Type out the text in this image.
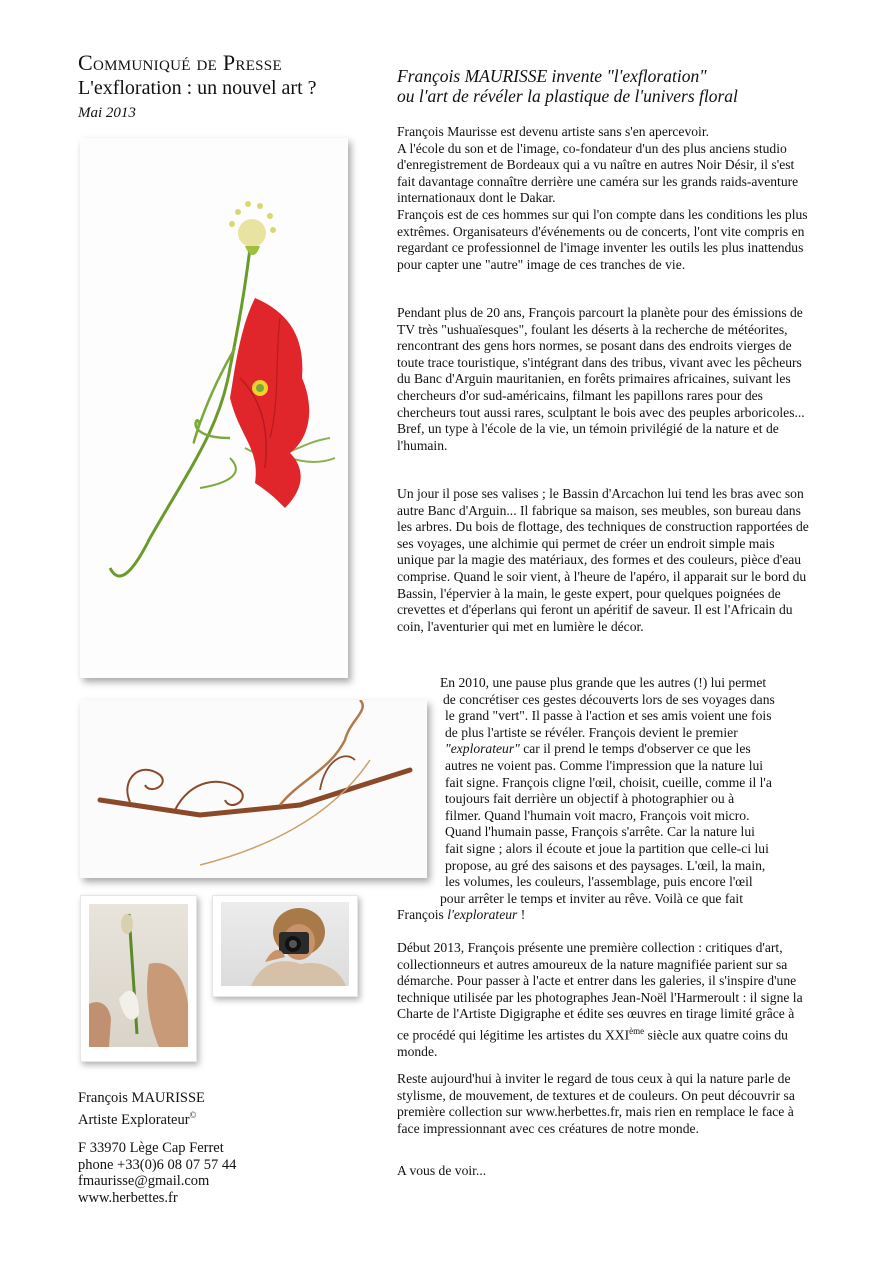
Communiqué de Presse
L'exfloration : un nouvel art ?
Mai 2013
François MAURISSE invente "l'exfloration"
ou l'art de révéler la plastique de l'univers floral

François Maurisse est devenu artiste sans s'en apercevoir.

A l'école du son et de l'image, co-fondateur d'un des plus anciens studio d'enregistrement de Bordeaux qui a vu naître en autres Noir Désir, il s'est fait davantage connaître derrière une caméra sur les grands raids-aventure internationaux dont le Dakar.

François est de ces hommes sur qui l'on compte dans les conditions les plus extrêmes. Organisateurs d'événements ou de concerts, l'ont vite compris en regardant ce professionnel de l'image inventer les outils les plus inattendus pour capter une "autre" image de ces tranches de vie.

Pendant plus de 20 ans, François parcourt la planète pour des émissions de TV très "ushuaïesques", foulant les déserts à la recherche de météorites, rencontrant des gens hors normes, se posant dans des endroits vierges de toute trace touristique, s'intégrant dans des tribus, vivant avec les pêcheurs du Banc d'Arguin mauritanien, en forêts primaires africaines, suivant les chercheurs d'or sud-américains, filmant les papillons rares pour des chercheurs tout aussi rares, sculptant le bois avec des peuples arboricoles... Bref, un type à l'école de la vie, un témoin privilégié de la nature et de l'humain.

Un jour il pose ses valises ; le Bassin d'Arcachon lui tend les bras avec son autre Banc d'Arguin... Il fabrique sa maison, ses meubles, son bureau dans les arbres. Du bois de flottage, des techniques de construction rapportées de ses voyages, une alchimie qui permet de créer un endroit simple mais unique par la magie des matériaux, des formes et des couleurs, pièce d'eau comprise. Quand le soir vient, à l'heure de l'apéro, il apparait sur le bord du Bassin, l'épervier à la main, le geste expert, pour quelques poignées de crevettes et d'éperlans qui feront un apéritif de saveur. Il est l'Africain du coin, l'aventurier qui met en lumière le décor.

En 2010, une pause plus grande que les autres (!) lui permet
de concrétiser ces gestes découverts lors de ses voyages dans
le grand "vert". Il passe à l'action et ses amis voient une fois
de plus l'artiste se révéler. François devient le premier
"explorateur" car il prend le temps d'observer ce que les
autres ne voient pas. Comme l'impression que la nature lui
fait signe. François cligne l'œil, choisit, cueille, comme il l'a
toujours fait derrière un objectif à photographier ou à
filmer. Quand l'humain voit macro, François voit micro.
Quand l'humain passe, François s'arrête. Car la nature lui
fait signe ; alors il écoute et joue la partition que celle-ci lui
propose, au gré des saisons et des paysages. L'œil, la main,
les volumes, les couleurs, l'assemblage, puis encore l'œil
pour arrêter le temps et inviter au rêve. Voilà ce que fait
François l'explorateur !

Début 2013, François présente une première collection : critiques d'art, collectionneurs et autres amoureux de la nature magnifiée parient sur sa démarche. Pour passer à l'acte et entrer dans les galeries, il s'inspire d'une technique utilisée par les photographes Jean-Noël l'Harmeroult : il signe la Charte de l'Artiste Digigraphe et édite ses œuvres en tirage limité grâce à ce procédé qui légitime les artistes du XXIème siècle aux quatre coins du monde.

Reste aujourd'hui à inviter le regard de tous ceux à qui la nature parle de stylisme, de mouvement, de textures et de couleurs. On peut découvrir sa première collection sur www.herbettes.fr, mais rien en remplace le face à face impressionnant avec ces créatures de notre monde.

A vous de voir...

François MAURISSE
Artiste Explorateur©
F 33970 Lège Cap Ferret
phone +33(0)6 08 07 57 44
fmaurisse@gmail.com
www.herbettes.fr
